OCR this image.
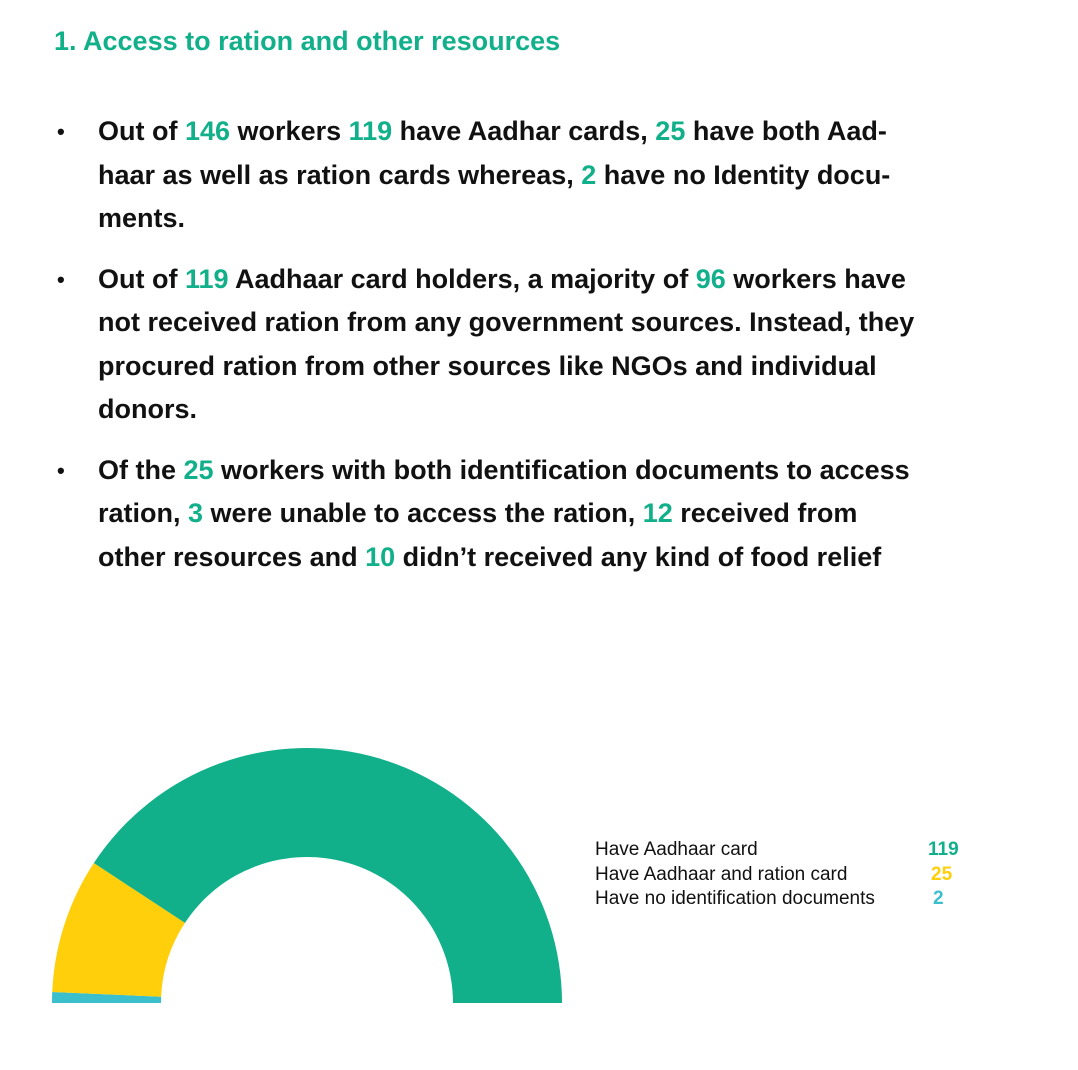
1. Access to ration and other resources
• Out of 146 workers 119 have Aadhar cards, 25 have both Aad-
haar as well as ration cards whereas, 2 have no Identity docu-
ments.
• Out of 119 Aadhaar card holders, a majority of 96 workers have
not received ration from any government sources. Instead, they
procured ration from other sources like NGOs and individual
donors.
• Of the 25 workers with both identification documents to access
ration, 3 were unable to access the ration, 12 received from
other resources and 10 didn’t received any kind of food relief
Have Aadhaar card	119
Have Aadhaar and ration card	25
Have no identification documents	2
